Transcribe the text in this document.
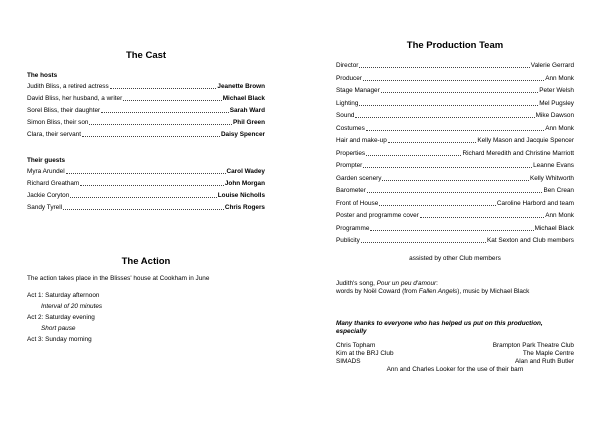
The Cast
The hosts
Judith Bliss, a retired actress	Jeanette Brown
David Bliss, her husband, a writer	Michael Black
Sorel Bliss, their daughter	Sarah Ward
Simon Bliss, their son	Phil Green
Clara, their servant	Daisy Spencer
Their guests
Myra Arundel	Carol Wadey
Richard Greatham	John Morgan
Jackie Coryton	Louise Nicholls
Sandy Tyrell	Chris Rogers
The Action
The action takes place in the Blisses' house at Cookham in June
Act 1: Saturday afternoon
Interval of 20 minutes
Act 2: Saturday evening
Short pause
Act 3: Sunday morning
The Production Team
Director	Valerie Gerrard
Producer	Ann Monk
Stage Manager	Peter Welsh
Lighting	Mel Pugsley
Sound	Mike Dawson
Costumes	Ann Monk
Hair and make-up	Kelly Mason and Jacquie Spencer
Properties	Richard Meredith and Christine Marriott
Prompter	Leanne Evans
Garden scenery	Kelly Whitworth
Barometer	Ben Crean
Front of House	Caroline Harbord and team
Poster and programme cover	Ann Monk
Programme	Michael Black
Publicity	Kat Sexton and Club members
assisted by other Club members
Judith's song, Pour un peu d'amour:
words by Noël Coward (from Fallen Angels), music by Michael Black
Many thanks to everyone who has helped us put on this production,
especially
Chris Topham	Brampton Park Theatre Club
Kim at the BRJ Club	The Maple Centre
SIMADS	Alan and Ruth Butler
Ann and Charles Looker for the use of their barn
